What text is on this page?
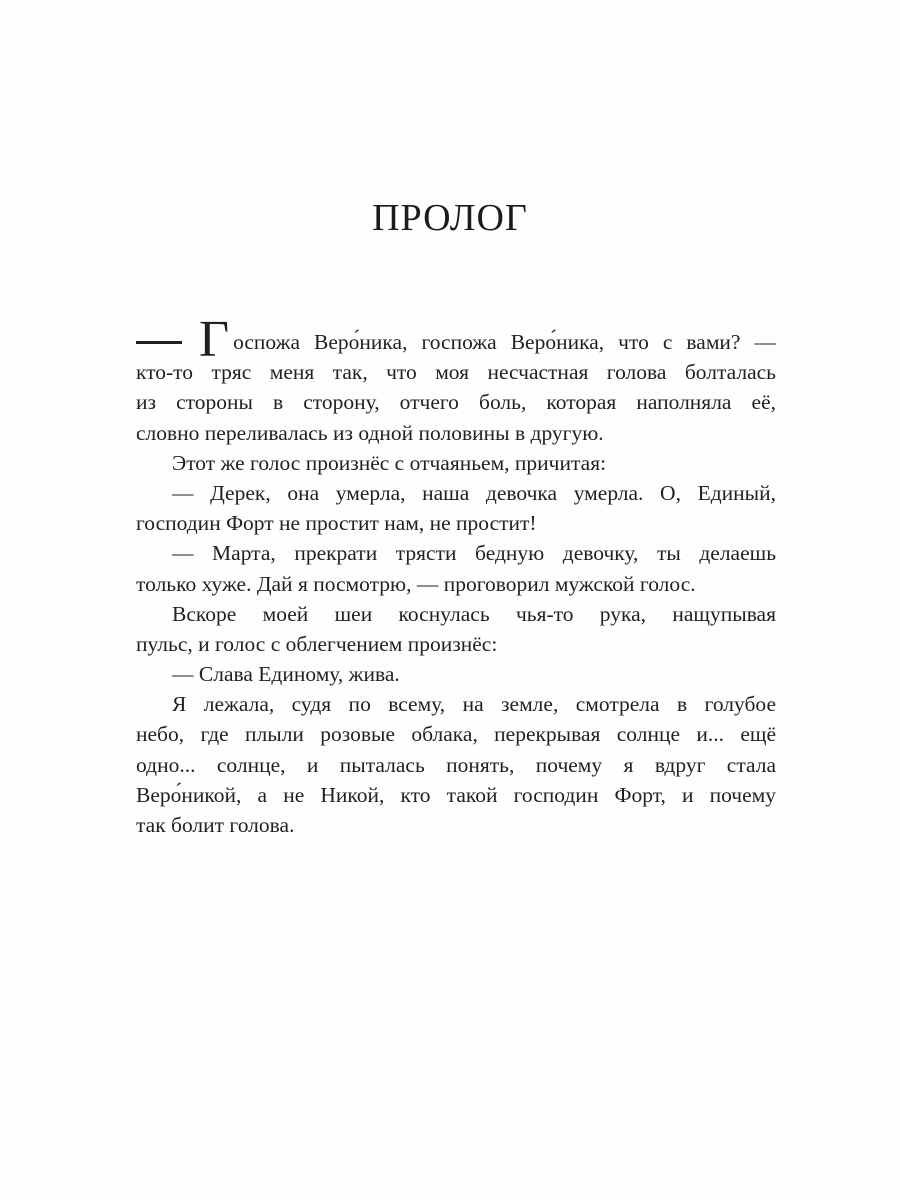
ПРОЛОГ
Г оспожа Веро́ника, госпожа Веро́ника, что с вами? —
кто-то тряс меня так, что моя несчастная голова болталась
из стороны в сторону, отчего боль, которая наполняла её,
словно переливалась из одной половины в другую.
Этот же голос произнёс с отчаяньем, причитая:
— Дерек, она умерла, наша девочка умерла. О, Единый,
господин Форт не простит нам, не простит!
— Марта, прекрати трясти бедную девочку, ты делаешь
только хуже. Дай я посмотрю, — проговорил мужской голос.
Вскоре моей шеи коснулась чья-то рука, нащупывая
пульс, и голос с облегчением произнёс:
— Слава Единому, жива.
Я лежала, судя по всему, на земле, смотрела в голубое
небо, где плыли розовые облака, перекрывая солнце и... ещё
одно... солнце, и пыталась понять, почему я вдруг стала
Веро́никой, а не Никой, кто такой господин Форт, и почему
так болит голова.
